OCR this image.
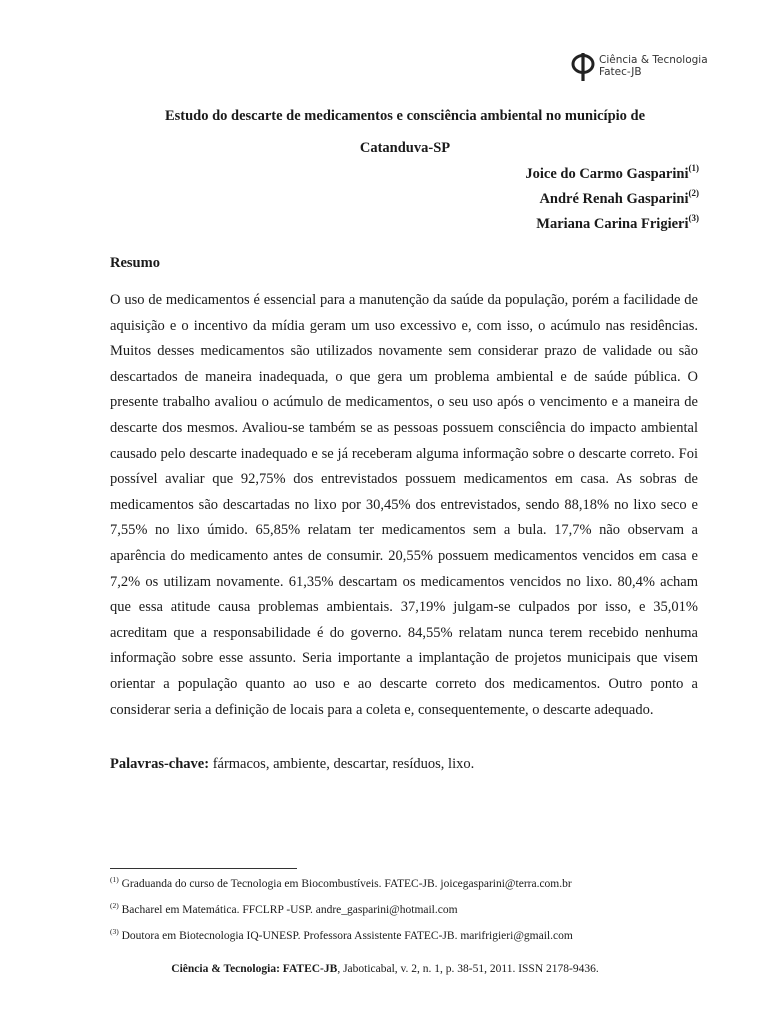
Ciência & Tecnologia
Fatec-JB
Estudo do descarte de medicamentos e consciência ambiental no município de
Catanduva-SP
Joice do Carmo Gasparini$^{(1)}$
André Renah Gasparini$^{(2)}$
Mariana Carina Frigieri$^{(3)}$
Resumo

O uso de medicamentos é essencial para a manutenção da saúde da população, porém a facilidade de aquisição e o incentivo da mídia geram um uso excessivo e, com isso, o acúmulo nas residências. Muitos desses medicamentos são utilizados novamente sem considerar prazo de validade ou são descartados de maneira inadequada, o que gera um problema ambiental e de saúde pública. O presente trabalho avaliou o acúmulo de medicamentos, o seu uso após o vencimento e a maneira de descarte dos mesmos. Avaliou-se também se as pessoas possuem consciência do impacto ambiental causado pelo descarte inadequado e se já receberam alguma informação sobre o descarte correto. Foi possível avaliar que 92,75% dos entrevistados possuem medicamentos em casa. As sobras de medicamentos são descartadas no lixo por 30,45% dos entrevistados, sendo 88,18% no lixo seco e 7,55% no lixo úmido. 65,85% relatam ter medicamentos sem a bula. 17,7% não observam a aparência do medicamento antes de consumir. 20,55% possuem medicamentos vencidos em casa e 7,2% os utilizam novamente. 61,35% descartam os medicamentos vencidos no lixo. 80,4% acham que essa atitude causa problemas ambientais. 37,19% julgam-se culpados por isso, e 35,01% acreditam que a responsabilidade é do governo. 84,55% relatam nunca terem recebido nenhuma informação sobre esse assunto. Seria importante a implantação de projetos municipais que visem orientar a população quanto ao uso e ao descarte correto dos medicamentos. Outro ponto a considerar seria a definição de locais para a coleta e, consequentemente, o descarte adequado.

Palavras-chave: fármacos, ambiente, descartar, resíduos, lixo.

$^{(1)}$ Graduanda do curso de Tecnologia em Biocombustíveis. FATEC-JB. joicegasparini@terra.com.br

$^{(2)}$ Bacharel em Matemática. FFCLRP -USP. andre_gasparini@hotmail.com

$^{(3)}$ Doutora em Biotecnologia IQ-UNESP. Professora Assistente FATEC-JB. marifrigieri@gmail.com

Ciência & Tecnologia: FATEC-JB, Jaboticabal, v. 2, n. 1, p. 38-51, 2011. ISSN 2178-9436.
